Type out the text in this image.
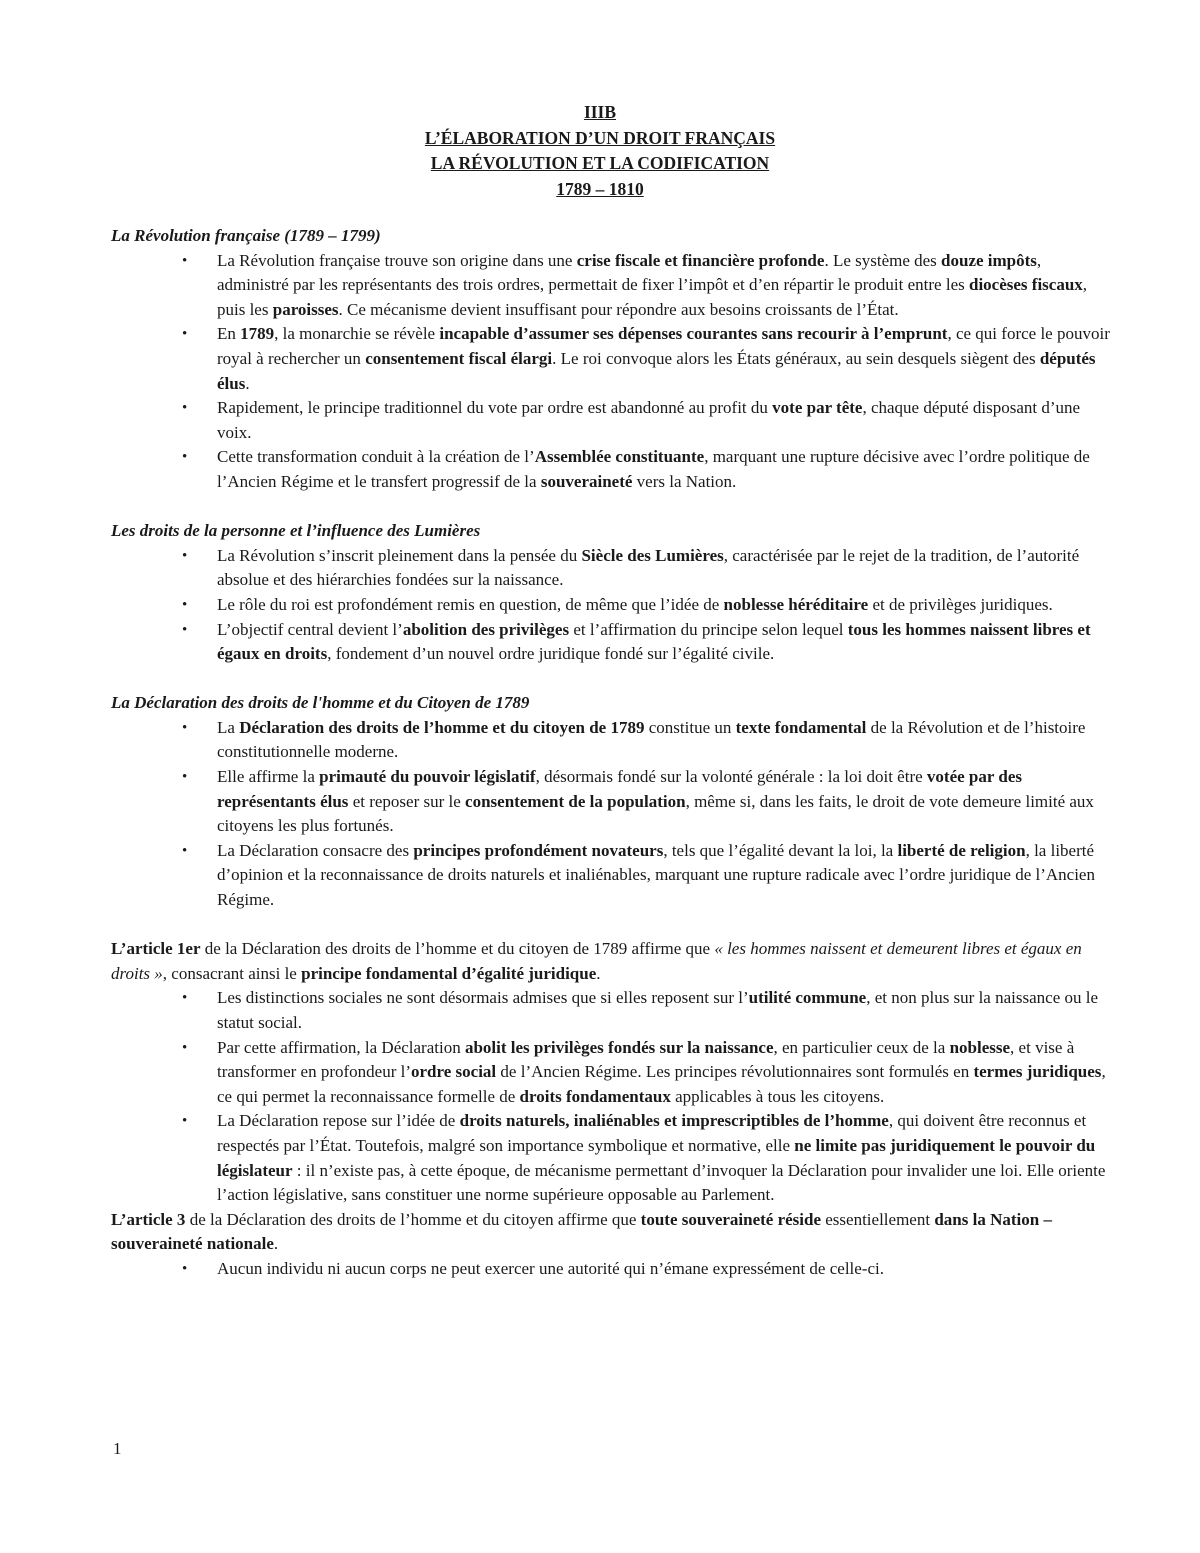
IIIB
L’ÉLABORATION D’UN DROIT FRANÇAIS
LA RÉVOLUTION ET LA CODIFICATION
1789 – 1810

La Révolution française (1789 – 1799)

• La Révolution française trouve son origine dans une crise fiscale et financière profonde. Le système des douze impôts, administré par les représentants des trois ordres, permettait de fixer l’impôt et d’en répartir le produit entre les diocèses fiscaux, puis les paroisses. Ce mécanisme devient insuffisant pour répondre aux besoins croissants de l’État.
• En 1789, la monarchie se révèle incapable d’assumer ses dépenses courantes sans recourir à l’emprunt, ce qui force le pouvoir royal à rechercher un consentement fiscal élargi. Le roi convoque alors les États généraux, au sein desquels siègent des députés élus.
• Rapidement, le principe traditionnel du vote par ordre est abandonné au profit du vote par tête, chaque député disposant d’une voix.
• Cette transformation conduit à la création de l’Assemblée constituante, marquant une rupture décisive avec l’ordre politique de l’Ancien Régime et le transfert progressif de la souveraineté vers la Nation.

Les droits de la personne et l’influence des Lumières

• La Révolution s’inscrit pleinement dans la pensée du Siècle des Lumières, caractérisée par le rejet de la tradition, de l’autorité absolue et des hiérarchies fondées sur la naissance.
• Le rôle du roi est profondément remis en question, de même que l’idée de noblesse héréditaire et de privilèges juridiques.
• L’objectif central devient l’abolition des privilèges et l’affirmation du principe selon lequel tous les hommes naissent libres et égaux en droits, fondement d’un nouvel ordre juridique fondé sur l’égalité civile.

La Déclaration des droits de l'homme et du Citoyen de 1789

• La Déclaration des droits de l’homme et du citoyen de 1789 constitue un texte fondamental de la Révolution et de l’histoire constitutionnelle moderne.
• Elle affirme la primauté du pouvoir législatif, désormais fondé sur la volonté générale : la loi doit être votée par des représentants élus et reposer sur le consentement de la population, même si, dans les faits, le droit de vote demeure limité aux citoyens les plus fortunés.
• La Déclaration consacre des principes profondément novateurs, tels que l’égalité devant la loi, la liberté de religion, la liberté d’opinion et la reconnaissance de droits naturels et inaliénables, marquant une rupture radicale avec l’ordre juridique de l’Ancien Régime.

L’article 1er de la Déclaration des droits de l’homme et du citoyen de 1789 affirme que « les hommes naissent et demeurent libres et égaux en droits », consacrant ainsi le principe fondamental d’égalité juridique.

• Les distinctions sociales ne sont désormais admises que si elles reposent sur l’utilité commune, et non plus sur la naissance ou le statut social.
• Par cette affirmation, la Déclaration abolit les privilèges fondés sur la naissance, en particulier ceux de la noblesse, et vise à transformer en profondeur l’ordre social de l’Ancien Régime. Les principes révolutionnaires sont formulés en termes juridiques, ce qui permet la reconnaissance formelle de droits fondamentaux applicables à tous les citoyens.
• La Déclaration repose sur l’idée de droits naturels, inaliénables et imprescriptibles de l’homme, qui doivent être reconnus et respectés par l’État. Toutefois, malgré son importance symbolique et normative, elle ne limite pas juridiquement le pouvoir du législateur : il n’existe pas, à cette époque, de mécanisme permettant d’invoquer la Déclaration pour invalider une loi. Elle oriente l’action législative, sans constituer une norme supérieure opposable au Parlement.

L’article 3 de la Déclaration des droits de l’homme et du citoyen affirme que toute souveraineté réside essentiellement dans la Nation – souveraineté nationale.

• Aucun individu ni aucun corps ne peut exercer une autorité qui n’émane expressément de celle-ci.
1
